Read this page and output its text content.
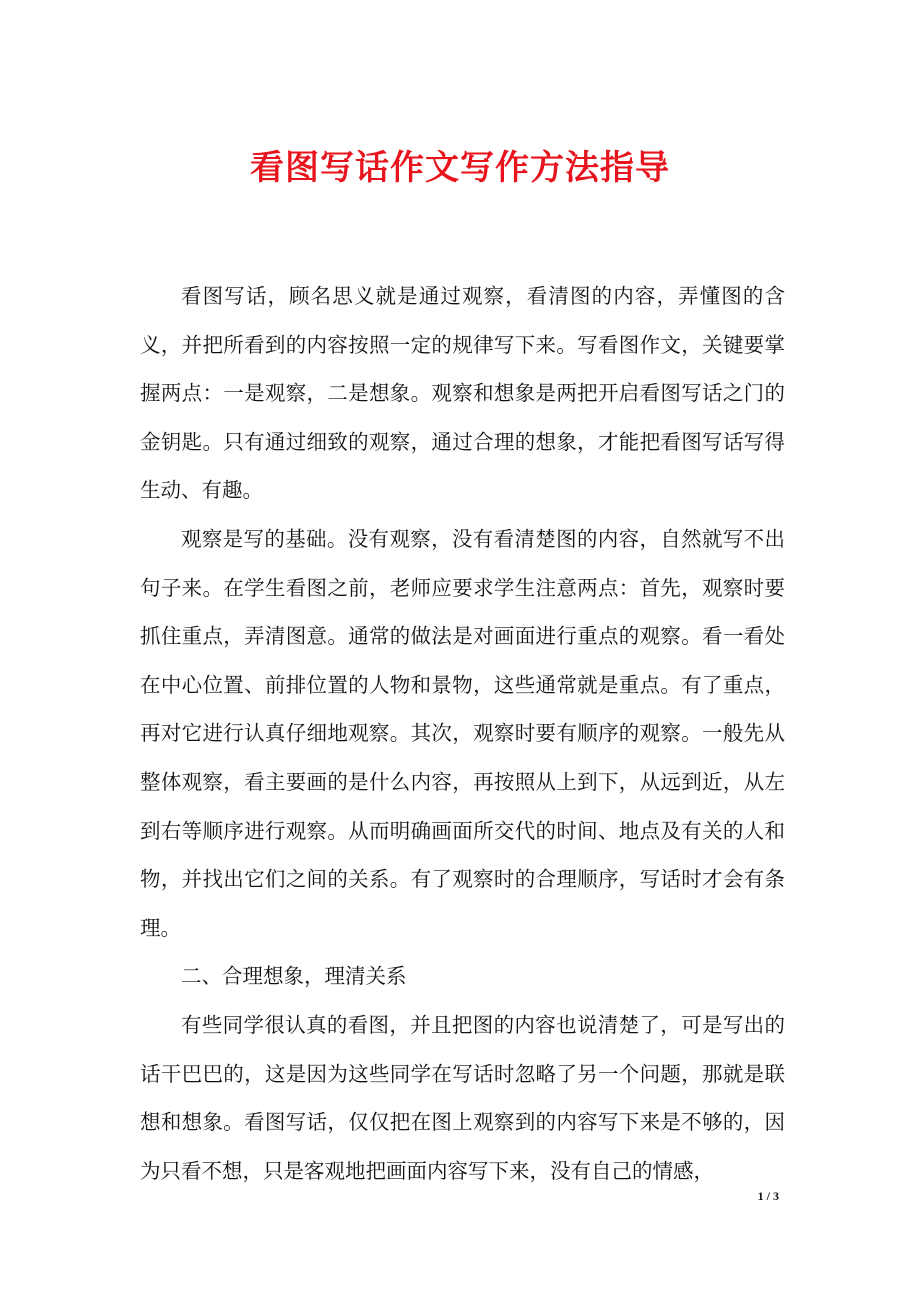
看图写话作文写作方法指导

看图写话，顾名思义就是通过观察，看清图的内容，弄懂图的含义，并把所看到的内容按照一定的规律写下来。写看图作文，关键要掌握两点：一是观察，二是想象。观察和想象是两把开启看图写话之门的金钥匙。只有通过细致的观察，通过合理的想象，才能把看图写话写得生动、有趣。

观察是写的基础。没有观察，没有看清楚图的内容，自然就写不出句子来。在学生看图之前，老师应要求学生注意两点：首先，观察时要抓住重点，弄清图意。通常的做法是对画面进行重点的观察。看一看处在中心位置、前排位置的人物和景物，这些通常就是重点。有了重点，再对它进行认真仔细地观察。其次，观察时要有顺序的观察。一般先从整体观察，看主要画的是什么内容，再按照从上到下，从远到近，从左到右等顺序进行观察。从而明确画面所交代的时间、地点及有关的人和物，并找出它们之间的关系。有了观察时的合理顺序，写话时才会有条理。

二、合理想象，理清关系

有些同学很认真的看图，并且把图的内容也说清楚了，可是写出的话干巴巴的，这是因为这些同学在写话时忽略了另一个问题，那就是联想和想象。看图写话，仅仅把在图上观察到的内容写下来是不够的，因为只看不想，只是客观地把画面内容写下来，没有自己的情感，

1 / 3
